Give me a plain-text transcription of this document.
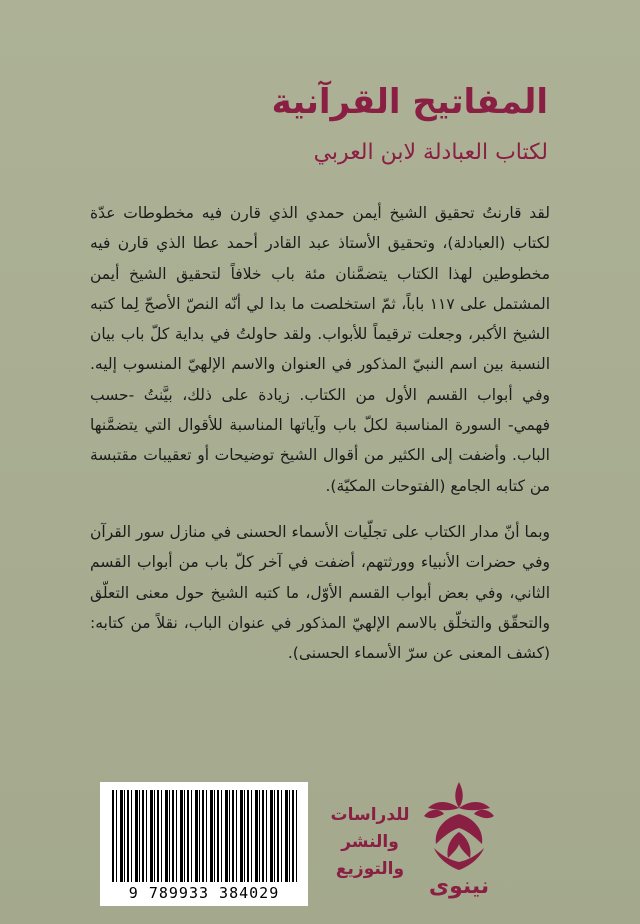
المفاتيح القرآنية
لكتاب العبادلة لابن العربي

لقد قارنتُ تحقيق الشيخ أيمن حمدي الذي قارن فيه مخطوطات عدّة لكتاب (العبادلة)، وتحقيق الأستاذ عبد القادر أحمد عطا الذي قارن فيه مخطوطين لهذا الكتاب يتضمَّنان مئة باب خلافاً لتحقيق الشيخ أيمن المشتمل على ١١٧ باباً، ثمّ استخلصت ما بدا لي أنّه النصّ الأصحّ لِما كتبه الشيخ الأكبر، وجعلت ترقيماً للأبواب. ولقد حاولتُ في بداية كلّ باب بيان النسبة بين اسم النبيّ المذكور في العنوان والاسم الإلهيّ المنسوب إليه. وفي أبواب القسم الأول من الكتاب. زيادة على ذلك، بيَّنتُ -حسب فهمي- السورة المناسبة لكلّ باب وآياتها المناسبة للأقوال التي يتضمَّنها الباب. وأضفت إلى الكثير من أقوال الشيخ توضيحات أو تعقيبات مقتبسة من كتابه الجامع (الفتوحات المكيّة).

وبما أنّ مدار الكتاب على تجلّيات الأسماء الحسنى في منازل سور القرآن وفي حضرات الأنبياء وورثتهم، أضفت في آخر كلّ باب من أبواب القسم الثاني، وفي بعض أبواب القسم الأوّل، ما كتبه الشيخ حول معنى التعلّق والتحقّق والتخلّق بالاسم الإلهيّ المذكور في عنوان الباب، نقلاً من كتابه: (كشف المعنى عن سرّ الأسماء الحسنى).

9 789933 384029
للدراسات
والنشر
والتوزيع
نينوى
